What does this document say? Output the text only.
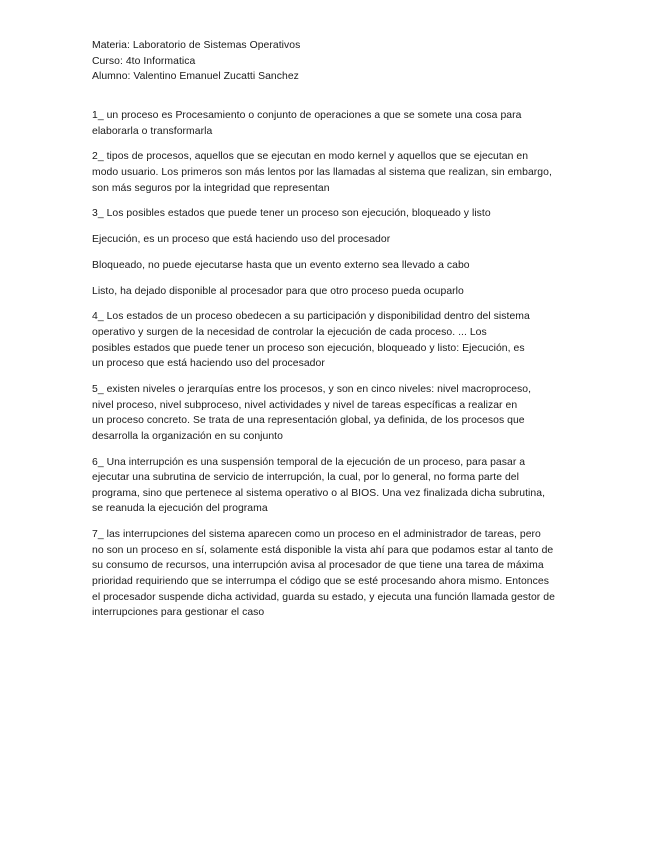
Materia: Laboratorio de Sistemas Operativos
Curso: 4to Informatica
Alumno: Valentino Emanuel Zucatti Sanchez

1_ un proceso es Procesamiento o conjunto de operaciones a que se somete una cosa para
elaborarla o transformarla

2_ tipos de procesos, aquellos que se ejecutan en modo kernel y aquellos que se ejecutan en
modo usuario. Los primeros son más lentos por las llamadas al sistema que realizan, sin embargo,
son más seguros por la integridad que representan

3_ Los posibles estados que puede tener un proceso son ejecución, bloqueado y listo

Ejecución, es un proceso que está haciendo uso del procesador

Bloqueado, no puede ejecutarse hasta que un evento externo sea llevado a cabo

Listo, ha dejado disponible al procesador para que otro proceso pueda ocuparlo

4_ Los estados de un proceso obedecen a su participación y disponibilidad dentro del sistema
operativo y surgen de la necesidad de controlar la ejecución de cada proceso. ... Los
posibles estados que puede tener un proceso son ejecución, bloqueado y listo: Ejecución, es
un proceso que está haciendo uso del procesador

5_ existen niveles o jerarquías entre los procesos, y son en cinco niveles: nivel macroproceso,
nivel proceso, nivel subproceso, nivel actividades y nivel de tareas específicas a realizar en
un proceso concreto. Se trata de una representación global, ya definida, de los procesos que
desarrolla la organización en su conjunto

6_ Una interrupción es una suspensión temporal de la ejecución de un proceso, para pasar a
ejecutar una subrutina de servicio de interrupción, la cual, por lo general, no forma parte del
programa, sino que pertenece al sistema operativo o al BIOS. Una vez finalizada dicha subrutina,
se reanuda la ejecución del programa

7_ las interrupciones del sistema aparecen como un proceso en el administrador de tareas, pero
no son un proceso en sí, solamente está disponible la vista ahí para que podamos estar al tanto de
su consumo de recursos, una interrupción avisa al procesador de que tiene una tarea de máxima
prioridad requiriendo que se interrumpa el código que se esté procesando ahora mismo. Entonces
el procesador suspende dicha actividad, guarda su estado, y ejecuta una función llamada gestor de
interrupciones para gestionar el caso
